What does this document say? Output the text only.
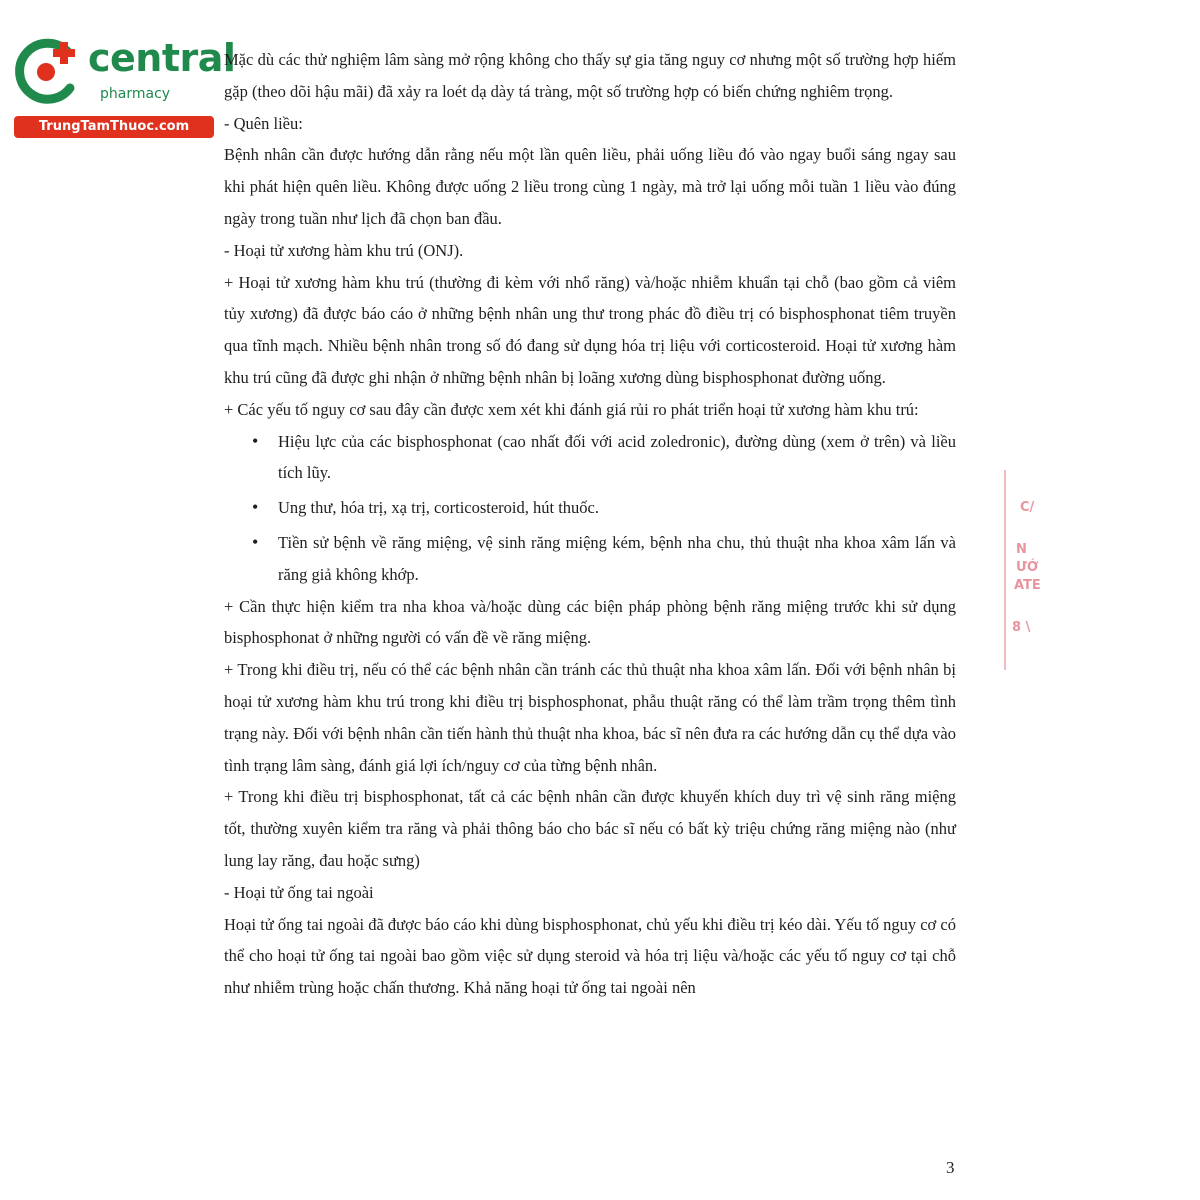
central
pharmacy
TrungTamThuoc.com

Mặc dù các thử nghiệm lâm sàng mở rộng không cho thấy sự gia tăng nguy cơ nhưng một số trường hợp hiếm gặp (theo dõi hậu mãi) đã xảy ra loét dạ dày tá tràng, một số trường hợp có biến chứng nghiêm trọng.

- Quên liều:

Bệnh nhân cần được hướng dẫn rằng nếu một lần quên liều, phải uống liều đó vào ngay buổi sáng ngay sau khi phát hiện quên liều. Không được uống 2 liều trong cùng 1 ngày, mà trở lại uống mỗi tuần 1 liều vào đúng ngày trong tuần như lịch đã chọn ban đầu.

- Hoại tử xương hàm khu trú (ONJ).

+ Hoại tử xương hàm khu trú (thường đi kèm với nhổ răng) và/hoặc nhiễm khuẩn tại chỗ (bao gồm cả viêm tủy xương) đã được báo cáo ở những bệnh nhân ung thư trong phác đồ điều trị có bisphosphonat tiêm truyền qua tĩnh mạch. Nhiều bệnh nhân trong số đó đang sử dụng hóa trị liệu với corticosteroid. Hoại tử xương hàm khu trú cũng đã được ghi nhận ở những bệnh nhân bị loãng xương dùng bisphosphonat đường uống.

+ Các yếu tố nguy cơ sau đây cần được xem xét khi đánh giá rủi ro phát triển hoại tử xương hàm khu trú:

• Hiệu lực của các bisphosphonat (cao nhất đối với acid zoledronic), đường dùng (xem ở trên) và liều tích lũy.
• Ung thư, hóa trị, xạ trị, corticosteroid, hút thuốc.
• Tiền sử bệnh về răng miệng, vệ sinh răng miệng kém, bệnh nha chu, thủ thuật nha khoa xâm lấn và răng giả không khớp.

+ Cần thực hiện kiểm tra nha khoa và/hoặc dùng các biện pháp phòng bệnh răng miệng trước khi sử dụng bisphosphonat ở những người có vấn đề về răng miệng.

+ Trong khi điều trị, nếu có thể các bệnh nhân cần tránh các thủ thuật nha khoa xâm lấn. Đối với bệnh nhân bị hoại tử xương hàm khu trú trong khi điều trị bisphosphonat, phẫu thuật răng có thể làm trầm trọng thêm tình trạng này. Đối với bệnh nhân cần tiến hành thủ thuật nha khoa, bác sĩ nên đưa ra các hướng dẫn cụ thể dựa vào tình trạng lâm sàng, đánh giá lợi ích/nguy cơ của từng bệnh nhân.

+ Trong khi điều trị bisphosphonat, tất cả các bệnh nhân cần được khuyến khích duy trì vệ sinh răng miệng tốt, thường xuyên kiểm tra răng và phải thông báo cho bác sĩ nếu có bất kỳ triệu chứng răng miệng nào (như lung lay răng, đau hoặc sưng)

- Hoại tử ống tai ngoài

Hoại tử ống tai ngoài đã được báo cáo khi dùng bisphosphonat, chủ yếu khi điều trị kéo dài. Yếu tố nguy cơ có thể cho hoại tử ống tai ngoài bao gồm việc sử dụng steroid và hóa trị liệu và/hoặc các yếu tố nguy cơ tại chỗ như nhiễm trùng hoặc chấn thương. Khả năng hoại tử ống tai ngoài nên

C/
N
ƯỚ
ATE
8 \
3
